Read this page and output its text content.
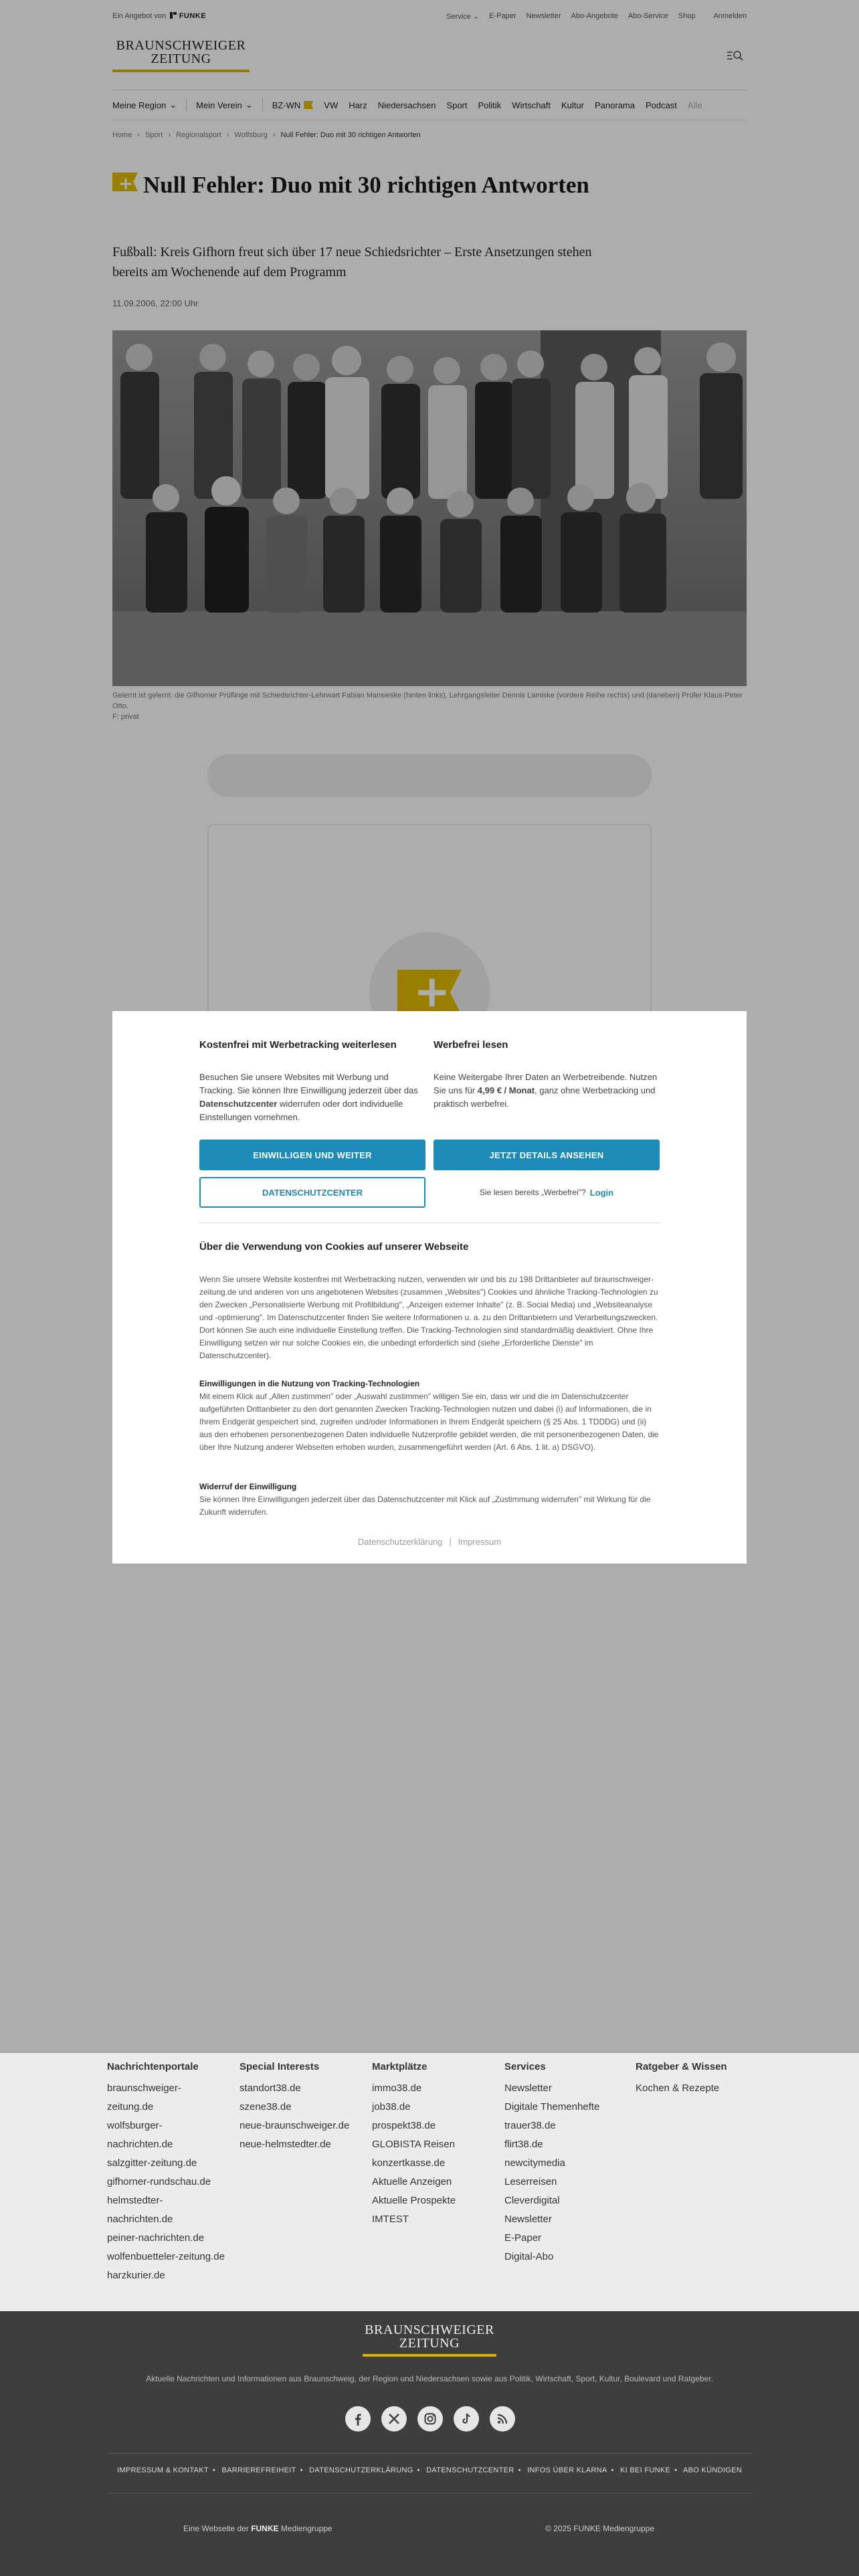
Ein Angebot von	FUNKE	Service ⌄ E-Paper Newsletter Abo-Angebote Abo-Service Shop Anmelden
BRAUNSCHWEIGER
ZEITUNG
Meine Region ⌄ Mein Verein ⌄ BZ-WN	VW	Harz	Niedersachsen	Sport	Politik	Wirtschaft	Kultur	Panorama	Podcast	Alle
Home › Sport › Regionalsport › Wolfsburg › Null Fehler: Duo mit 30 richtigen Antworten
+Null Fehler: Duo mit 30 richtigen Antworten

Fußball: Kreis Gifhorn freut sich über 17 neue Schiedsrichter – Erste Ansetzungen stehen bereits am Wochenende auf dem Programm

11.09.2006, 22:00 Uhr
Gelernt ist gelernt: die Gifhorner Prüflinge mit Schiedsrichter-Lehrwart Fabian Mansieske (hinten links), Lehrgangsleiter Dennis Lamiske (vordere Reihe rechts) und (daneben) Prüfer Klaus-Peter Otto.
F: privat
+
Kostenfrei mit Werbetracking weiterlesen

Besuchen Sie unsere Websites mit Werbung und Tracking. Sie können Ihre Einwilligung jederzeit über das Datenschutzcenter widerrufen oder dort individuelle Einstellungen vornehmen.

Werbefrei lesen

Keine Weitergabe Ihrer Daten an Werbetreibende. Nutzen Sie uns für 4,99 € / Monat, ganz ohne Werbetracking und praktisch werbefrei.

EINWILLIGEN UND WEITER	JETZT DETAILS ANSEHEN
DATENSCHUTZCENTER	Sie lesen bereits „Werbefrei"? Login
Über die Verwendung von Cookies auf unserer Webseite
Wenn Sie unsere Website kostenfrei mit Werbetracking nutzen, verwenden wir und bis zu 198 Drittanbieter auf braunschweiger-zeitung.de und anderen von uns angebotenen Websites (zusammen „Websites") Cookies und ähnliche Tracking-Technologien zu den Zwecken „Personalisierte Werbung mit Profilbildung", „Anzeigen externer Inhalte" (z. B. Social Media) und „Websiteanalyse und -optimierung". Im Datenschutzcenter finden Sie weitere Informationen u. a. zu den Drittanbietern und Verarbeitungszwecken. Dort können Sie auch eine individuelle Einstellung treffen. Die Tracking-Technologien sind standardmäßig deaktiviert. Ohne Ihre Einwilligung setzen wir nur solche Cookies ein, die unbedingt erforderlich sind (siehe „Erforderliche Dienste" im Datenschutzcenter).
Einwilligungen in die Nutzung von Tracking-Technologien
Mit einem Klick auf „Allen zustimmen" oder „Auswahl zustimmen" willigen Sie ein, dass wir und die im Datenschutzcenter aufgeführten Drittanbieter zu den dort genannten Zwecken Tracking-Technologien nutzen und dabei (i) auf Informationen, die in Ihrem Endgerät gespeichert sind, zugreifen und/oder Informationen in Ihrem Endgerät speichern (§ 25 Abs. 1 TDDDG) und (ii) aus den erhobenen personenbezogenen Daten individuelle Nutzerprofile gebildet werden, die mit personenbezogenen Daten, die über Ihre Nutzung anderer Webseiten erhoben wurden, zusammengeführt werden (Art. 6 Abs. 1 lit. a) DSGVO).
Widerruf der Einwilligung
Sie können Ihre Einwilligungen jederzeit über das Datenschutzcenter mit Klick auf „Zustimmung widerrufen" mit Wirkung für die Zukunft widerrufen.
Datenschutzerklärung | Impressum
Nachrichtenportale
braunschweiger-zeitung.de
wolfsburger-nachrichten.de
salzgitter-zeitung.de
gifhorner-rundschau.de
helmstedter-nachrichten.de
peiner-nachrichten.de
wolfenbuetteler-zeitung.de
harzkurier.de
Special Interests
standort38.de
szene38.de
neue-braunschweiger.de
neue-helmstedter.de
Marktplätze
immo38.de
job38.de
prospekt38.de
GLOBISTA Reisen
konzertkasse.de
Aktuelle Anzeigen
Aktuelle Prospekte
IMTEST
Services
Newsletter
Digitale Themenhefte
trauer38.de
flirt38.de
newcitymedia
Leserreisen
Cleverdigital
Newsletter
E-Paper
Digital-Abo
Ratgeber & Wissen
Kochen & Rezepte
BRAUNSCHWEIGER
ZEITUNG
Aktuelle Nachrichten und Informationen aus Braunschweig, der Region und Niedersachsen sowie aus Politik, Wirtschaft, Sport, Kultur, Boulevard und Ratgeber.
IMPRESSUM & KONTAKT • BARRIEREFREIHEIT • DATENSCHUTZERKLÄRUNG • DATENSCHUTZCENTER • INFOS ÜBER KLARNA • KI BEI FUNKE • ABO KÜNDIGEN
Eine Webseite der FUNKE Mediengruppe	© 2025 FUNKE Mediengruppe
